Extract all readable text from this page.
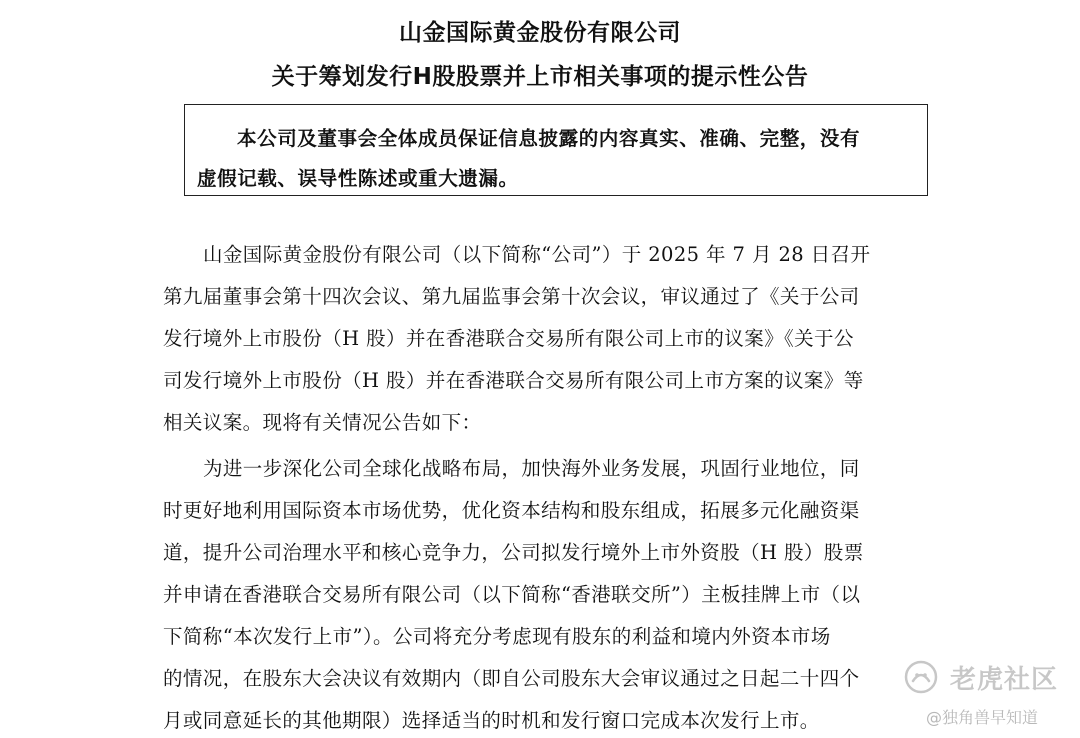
山金国际黄金股份有限公司
关于筹划发行H股股票并上市相关事项的提示性公告
本公司及董事会全体成员保证信息披露的内容真实、准确、完整，没有
虚假记载、误导性陈述或重大遗漏。
山金国际黄金股份有限公司（以下简称“公司”）于 2025 年 7 月 28 日召开
第九届董事会第十四次会议、第九届监事会第十次会议，审议通过了《关于公司
发行境外上市股份（H 股）并在香港联合交易所有限公司上市的议案》《关于公
司发行境外上市股份（H 股）并在香港联合交易所有限公司上市方案的议案》等
相关议案。现将有关情况公告如下：
为进一步深化公司全球化战略布局，加快海外业务发展，巩固行业地位，同
时更好地利用国际资本市场优势，优化资本结构和股东组成，拓展多元化融资渠
道，提升公司治理水平和核心竞争力，公司拟发行境外上市外资股（H 股）股票
并申请在香港联合交易所有限公司（以下简称“香港联交所”）主板挂牌上市（以
下简称“本次发行上市”）。公司将充分考虑现有股东的利益和境内外资本市场
的情况，在股东大会决议有效期内（即自公司股东大会审议通过之日起二十四个
月或同意延长的其他期限）选择适当的时机和发行窗口完成本次发行上市。
老虎社区
@独角兽早知道
